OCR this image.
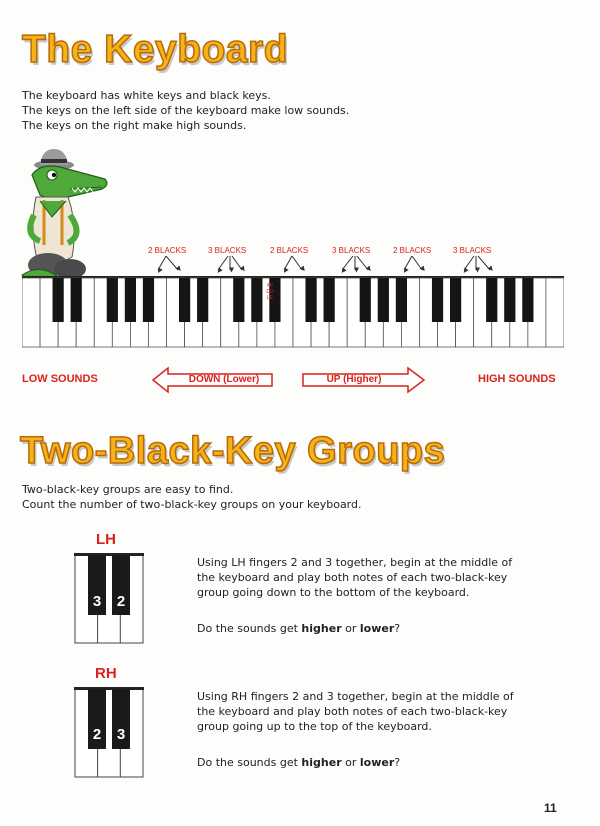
The Keyboard
The keyboard has white keys and black keys.
The keys on the left side of the keyboard make low sounds.
The keys on the right make high sounds.
2 BLACKS	3 BLACKS	2 BLACKS	3 BLACKS	2 BLACKS	3 BLACKS
MIDDLE
LOW SOUNDS	DOWN (Lower)	UP (Higher)	HIGH SOUNDS
Two-Black-Key Groups
Two-black-key groups are easy to find.
Count the number of two-black-key groups on your keyboard.
LH
3 2
Using LH fingers 2 and 3 together, begin at the middle of
the keyboard and play both notes of each two-black-key
group going down to the bottom of the keyboard.
Do the sounds get higher or lower?
RH
2 3
Using RH fingers 2 and 3 together, begin at the middle of
the keyboard and play both notes of each two-black-key
group going up to the top of the keyboard.
Do the sounds get higher or lower?
11
